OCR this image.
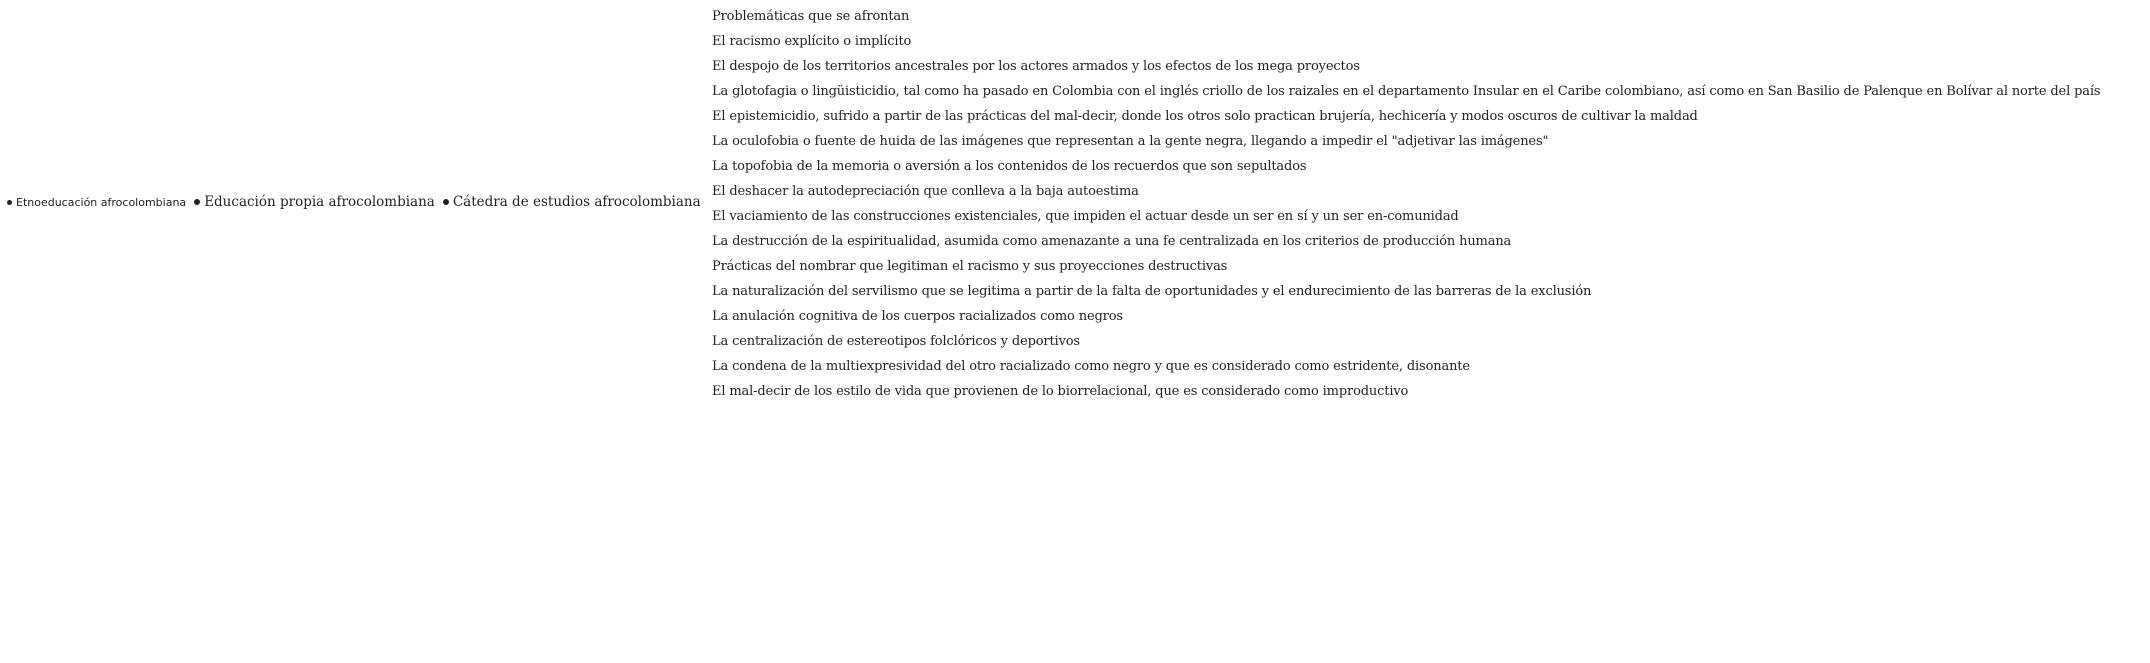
Etnoeducación afrocolombiana Educación propia afrocolombiana Cátedra de estudios afrocolombiana
Problemáticas que se afrontan
El racismo explícito o implícito
El despojo de los territorios ancestrales por los actores armados y los efectos de los mega proyectos
La glotofagia o lingüisticidio, tal como ha pasado en Colombia con el inglés criollo de los raizales en el departamento Insular en el Caribe colombiano, así como en San Basilio de Palenque en Bolívar al norte del país
El epistemicidio, sufrido a partir de las prácticas del mal-decir, donde los otros solo practican brujería, hechicería y modos oscuros de cultivar la maldad
La oculofobia o fuente de huida de las imágenes que representan a la gente negra, llegando a impedir el "adjetivar las imágenes"
La topofobia de la memoria o aversión a los contenidos de los recuerdos que son sepultados
El deshacer la autodepreciación que conlleva a la baja autoestima
El vaciamiento de las construcciones existenciales, que impiden el actuar desde un ser en sí y un ser en-comunidad
La destrucción de la espiritualidad, asumida como amenazante a una fe centralizada en los criterios de producción humana
Prácticas del nombrar que legitiman el racismo y sus proyecciones destructivas
La naturalización del servilismo que se legitima a partir de la falta de oportunidades y el endurecimiento de las barreras de la exclusión
La anulación cognitiva de los cuerpos racializados como negros
La centralización de estereotipos folclóricos y deportivos
La condena de la multiexpresividad del otro racializado como negro y que es considerado como estridente, disonante
El mal-decir de los estilo de vida que provienen de lo biorrelacional, que es considerado como improductivo
